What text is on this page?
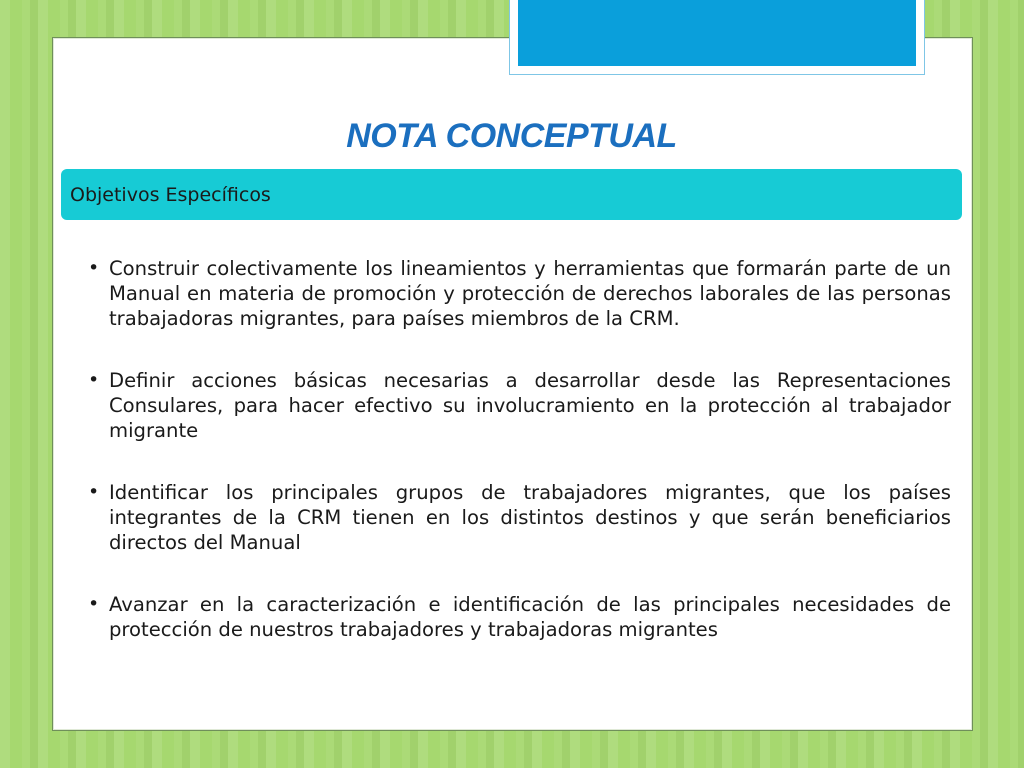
NOTA CONCEPTUAL
Objetivos Específicos
• Construir colectivamente los lineamientos y herramientas que formarán parte de un Manual en materia de promoción y protección de derechos laborales de las personas trabajadoras migrantes, para países miembros de la CRM.
• Definir acciones básicas necesarias a desarrollar desde las Representaciones Consulares, para hacer efectivo su involucramiento en la protección al trabajador migrante
• Identificar los principales grupos de trabajadores migrantes, que los países integrantes de la CRM tienen en los distintos destinos y que serán beneficiarios directos del Manual
• Avanzar en la caracterización e identificación de las principales necesidades de protección de nuestros trabajadores y trabajadoras migrantes
